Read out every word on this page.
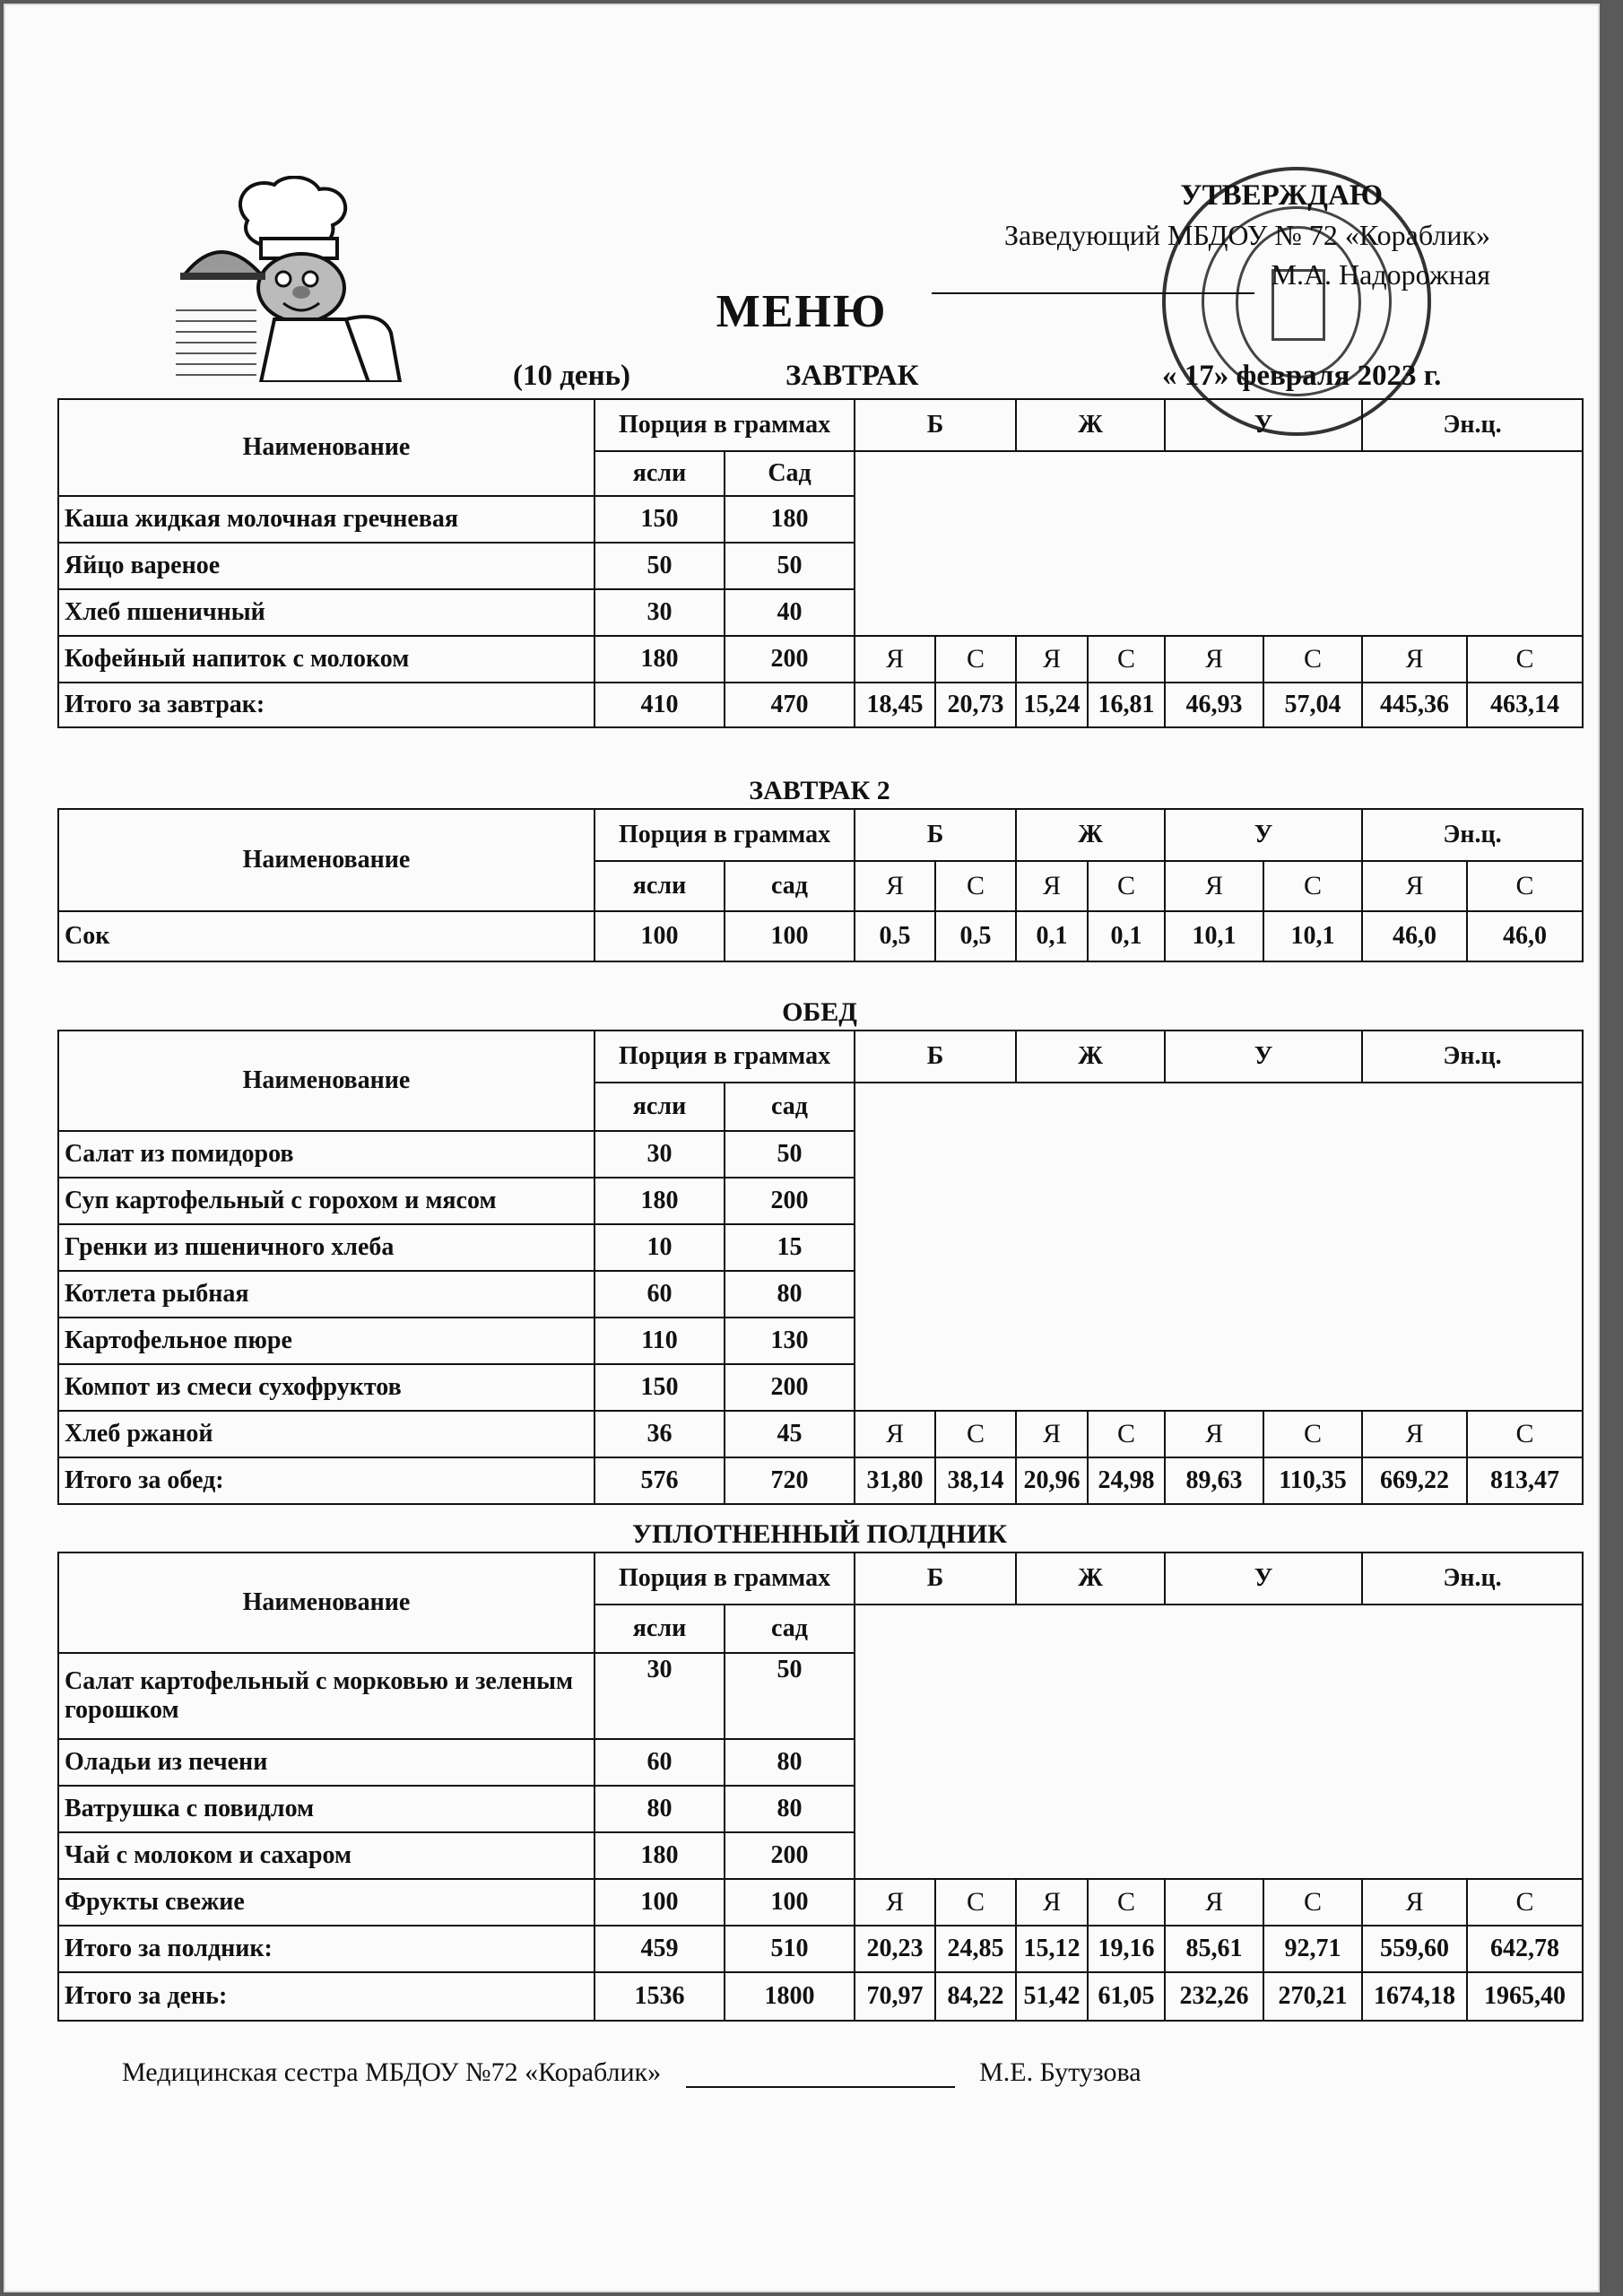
УТВЕРЖДАЮ
Заведующий МБДОУ № 72 «Кораблик»
М.А. Надорожная
МЕНЮ
(10 день)	ЗАВТРАК	« 17» февраля 2023 г.
Наименование	Порция в граммах		Б		Ж		У		Эн.ц.	
	ясли	Сад								
Каша жидкая молочная гречневая	150	180								
Яйцо вареное	50	50								
Хлеб пшеничный	30	40								
Кофейный напиток с молоком	180	200	Я	С	Я	С	Я	С	Я	С
Итого за завтрак:	410	470	18,45	20,73	15,24	16,81	46,93	57,04	445,36	463,14
ЗАВТРАК 2
Наименование	Порция в граммах		Б		Ж		У		Эн.ц.	
	ясли	сад	Я	С	Я	С	Я	С	Я	С
Сок	100	100	0,5	0,5	0,1	0,1	10,1	10,1	46,0	46,0
ОБЕД
Наименование	Порция в граммах		Б		Ж		У		Эн.ц.	
	ясли	сад								
Салат из помидоров	30	50								
Суп картофельный с горохом и мясом	180	200								
Гренки из пшеничного хлеба	10	15								
Котлета рыбная	60	80								
Картофельное пюре	110	130								
Компот из смеси сухофруктов	150	200								
Хлеб ржаной	36	45	Я	С	Я	С	Я	С	Я	С
Итого за обед:	576	720	31,80	38,14	20,96	24,98	89,63	110,35	669,22	813,47
УПЛОТНЕННЫЙ ПОЛДНИК
Наименование	Порция в граммах		Б		Ж		У		Эн.ц.	
	ясли	сад								
Салат картофельный с морковью и зеленым горошком	30	50								
Оладьи из печени	60	80								
Ватрушка с повидлом	80	80								
Чай с молоком и сахаром	180	200								
Фрукты свежие	100	100	Я	С	Я	С	Я	С	Я	С
Итого за полдник:	459	510	20,23	24,85	15,12	19,16	85,61	92,71	559,60	642,78
Итого за день:	1536	1800	70,97	84,22	51,42	61,05	232,26	270,21	1674,18	1965,40
Медицинская сестра МБДОУ №72 «Кораблик»	М.Е. Бутузова
